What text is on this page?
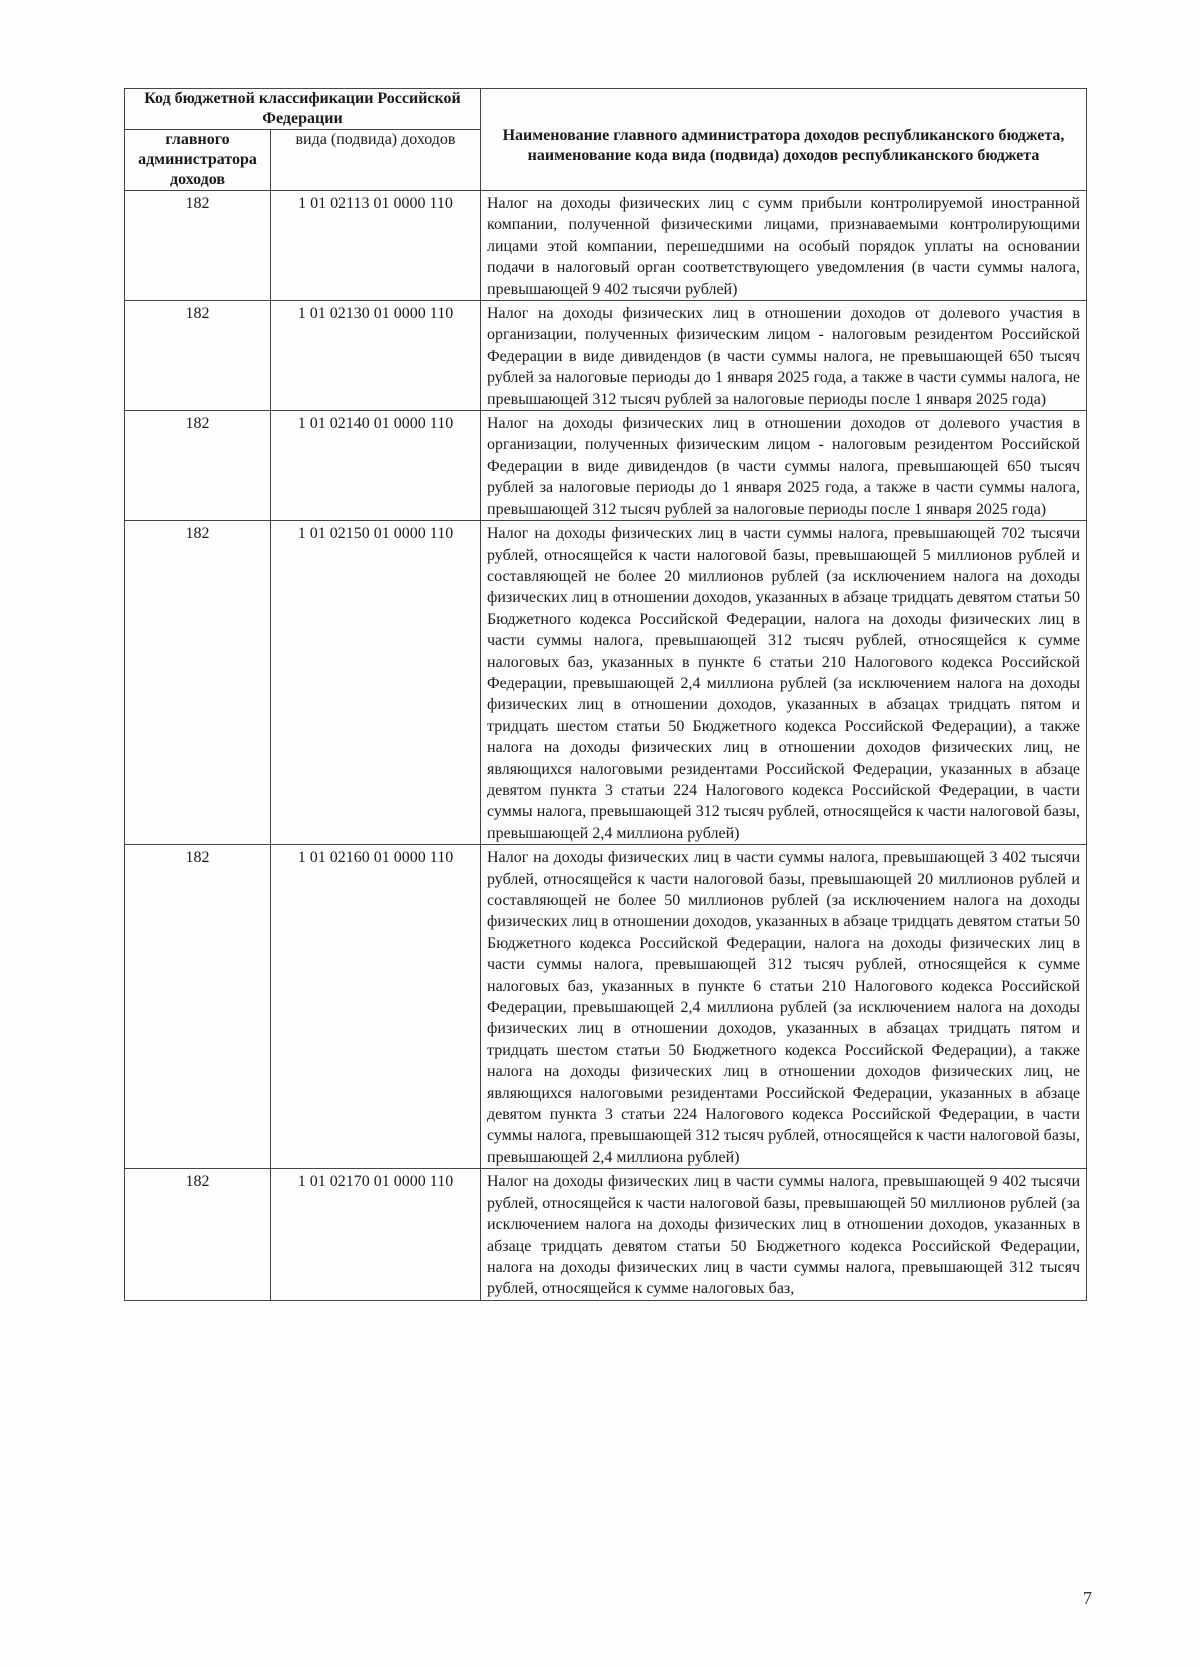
Код бюджетной классификации Российской Федерации		Наименование главного администратора доходов республиканского бюджета, наименование кода вида (подвида) доходов республиканского бюджета
главного администратора доходов	вида (подвида) доходов	
182	1 01 02113 01 0000 110	Налог на доходы физических лиц с сумм прибыли контролируемой иностранной компании, полученной физическими лицами, признаваемыми контролирующими лицами этой компании, перешедшими на особый порядок уплаты на основании подачи в налоговый орган соответствующего уведомления (в части суммы налога, превышающей 9 402 тысячи рублей)
182	1 01 02130 01 0000 110	Налог на доходы физических лиц в отношении доходов от долевого участия в организации, полученных физическим лицом - налоговым резидентом Российской Федерации в виде дивидендов (в части суммы налога, не превышающей 650 тысяч рублей за налоговые периоды до 1 января 2025 года, а также в части суммы налога, не превышающей 312 тысяч рублей за налоговые периоды после 1 января 2025 года)
182	1 01 02140 01 0000 110	Налог на доходы физических лиц в отношении доходов от долевого участия в организации, полученных физическим лицом - налоговым резидентом Российской Федерации в виде дивидендов (в части суммы налога, превышающей 650 тысяч рублей за налоговые периоды до 1 января 2025 года, а также в части суммы налога, превышающей 312 тысяч рублей за налоговые периоды после 1 января 2025 года)
182	1 01 02150 01 0000 110	Налог на доходы физических лиц в части суммы налога, превышающей 702 тысячи рублей, относящейся к части налоговой базы, превышающей 5 миллионов рублей и составляющей не более 20 миллионов рублей (за исключением налога на доходы физических лиц в отношении доходов, указанных в абзаце тридцать девятом статьи 50 Бюджетного кодекса Российской Федерации, налога на доходы физических лиц в части суммы налога, превышающей 312 тысяч рублей, относящейся к сумме налоговых баз, указанных в пункте 6 статьи 210 Налогового кодекса Российской Федерации, превышающей 2,4 миллиона рублей (за исключением налога на доходы физических лиц в отношении доходов, указанных в абзацах тридцать пятом и тридцать шестом статьи 50 Бюджетного кодекса Российской Федерации), а также налога на доходы физических лиц в отношении доходов физических лиц, не являющихся налоговыми резидентами Российской Федерации, указанных в абзаце девятом пункта 3 статьи 224 Налогового кодекса Российской Федерации, в части суммы налога, превышающей 312 тысяч рублей, относящейся к части налоговой базы, превышающей 2,4 миллиона рублей)
182	1 01 02160 01 0000 110	Налог на доходы физических лиц в части суммы налога, превышающей 3 402 тысячи рублей, относящейся к части налоговой базы, превышающей 20 миллионов рублей и составляющей не более 50 миллионов рублей (за исключением налога на доходы физических лиц в отношении доходов, указанных в абзаце тридцать девятом статьи 50 Бюджетного кодекса Российской Федерации, налога на доходы физических лиц в части суммы налога, превышающей 312 тысяч рублей, относящейся к сумме налоговых баз, указанных в пункте 6 статьи 210 Налогового кодекса Российской Федерации, превышающей 2,4 миллиона рублей (за исключением налога на доходы физических лиц в отношении доходов, указанных в абзацах тридцать пятом и тридцать шестом статьи 50 Бюджетного кодекса Российской Федерации), а также налога на доходы физических лиц в отношении доходов физических лиц, не являющихся налоговыми резидентами Российской Федерации, указанных в абзаце девятом пункта 3 статьи 224 Налогового кодекса Российской Федерации, в части суммы налога, превышающей 312 тысяч рублей, относящейся к части налоговой базы, превышающей 2,4 миллиона рублей)
182	1 01 02170 01 0000 110	Налог на доходы физических лиц в части суммы налога, превышающей 9 402 тысячи рублей, относящейся к части налоговой базы, превышающей 50 миллионов рублей (за исключением налога на доходы физических лиц в отношении доходов, указанных в абзаце тридцать девятом статьи 50 Бюджетного кодекса Российской Федерации, налога на доходы физических лиц в части суммы налога, превышающей 312 тысяч рублей, относящейся к сумме налоговых баз,
7
